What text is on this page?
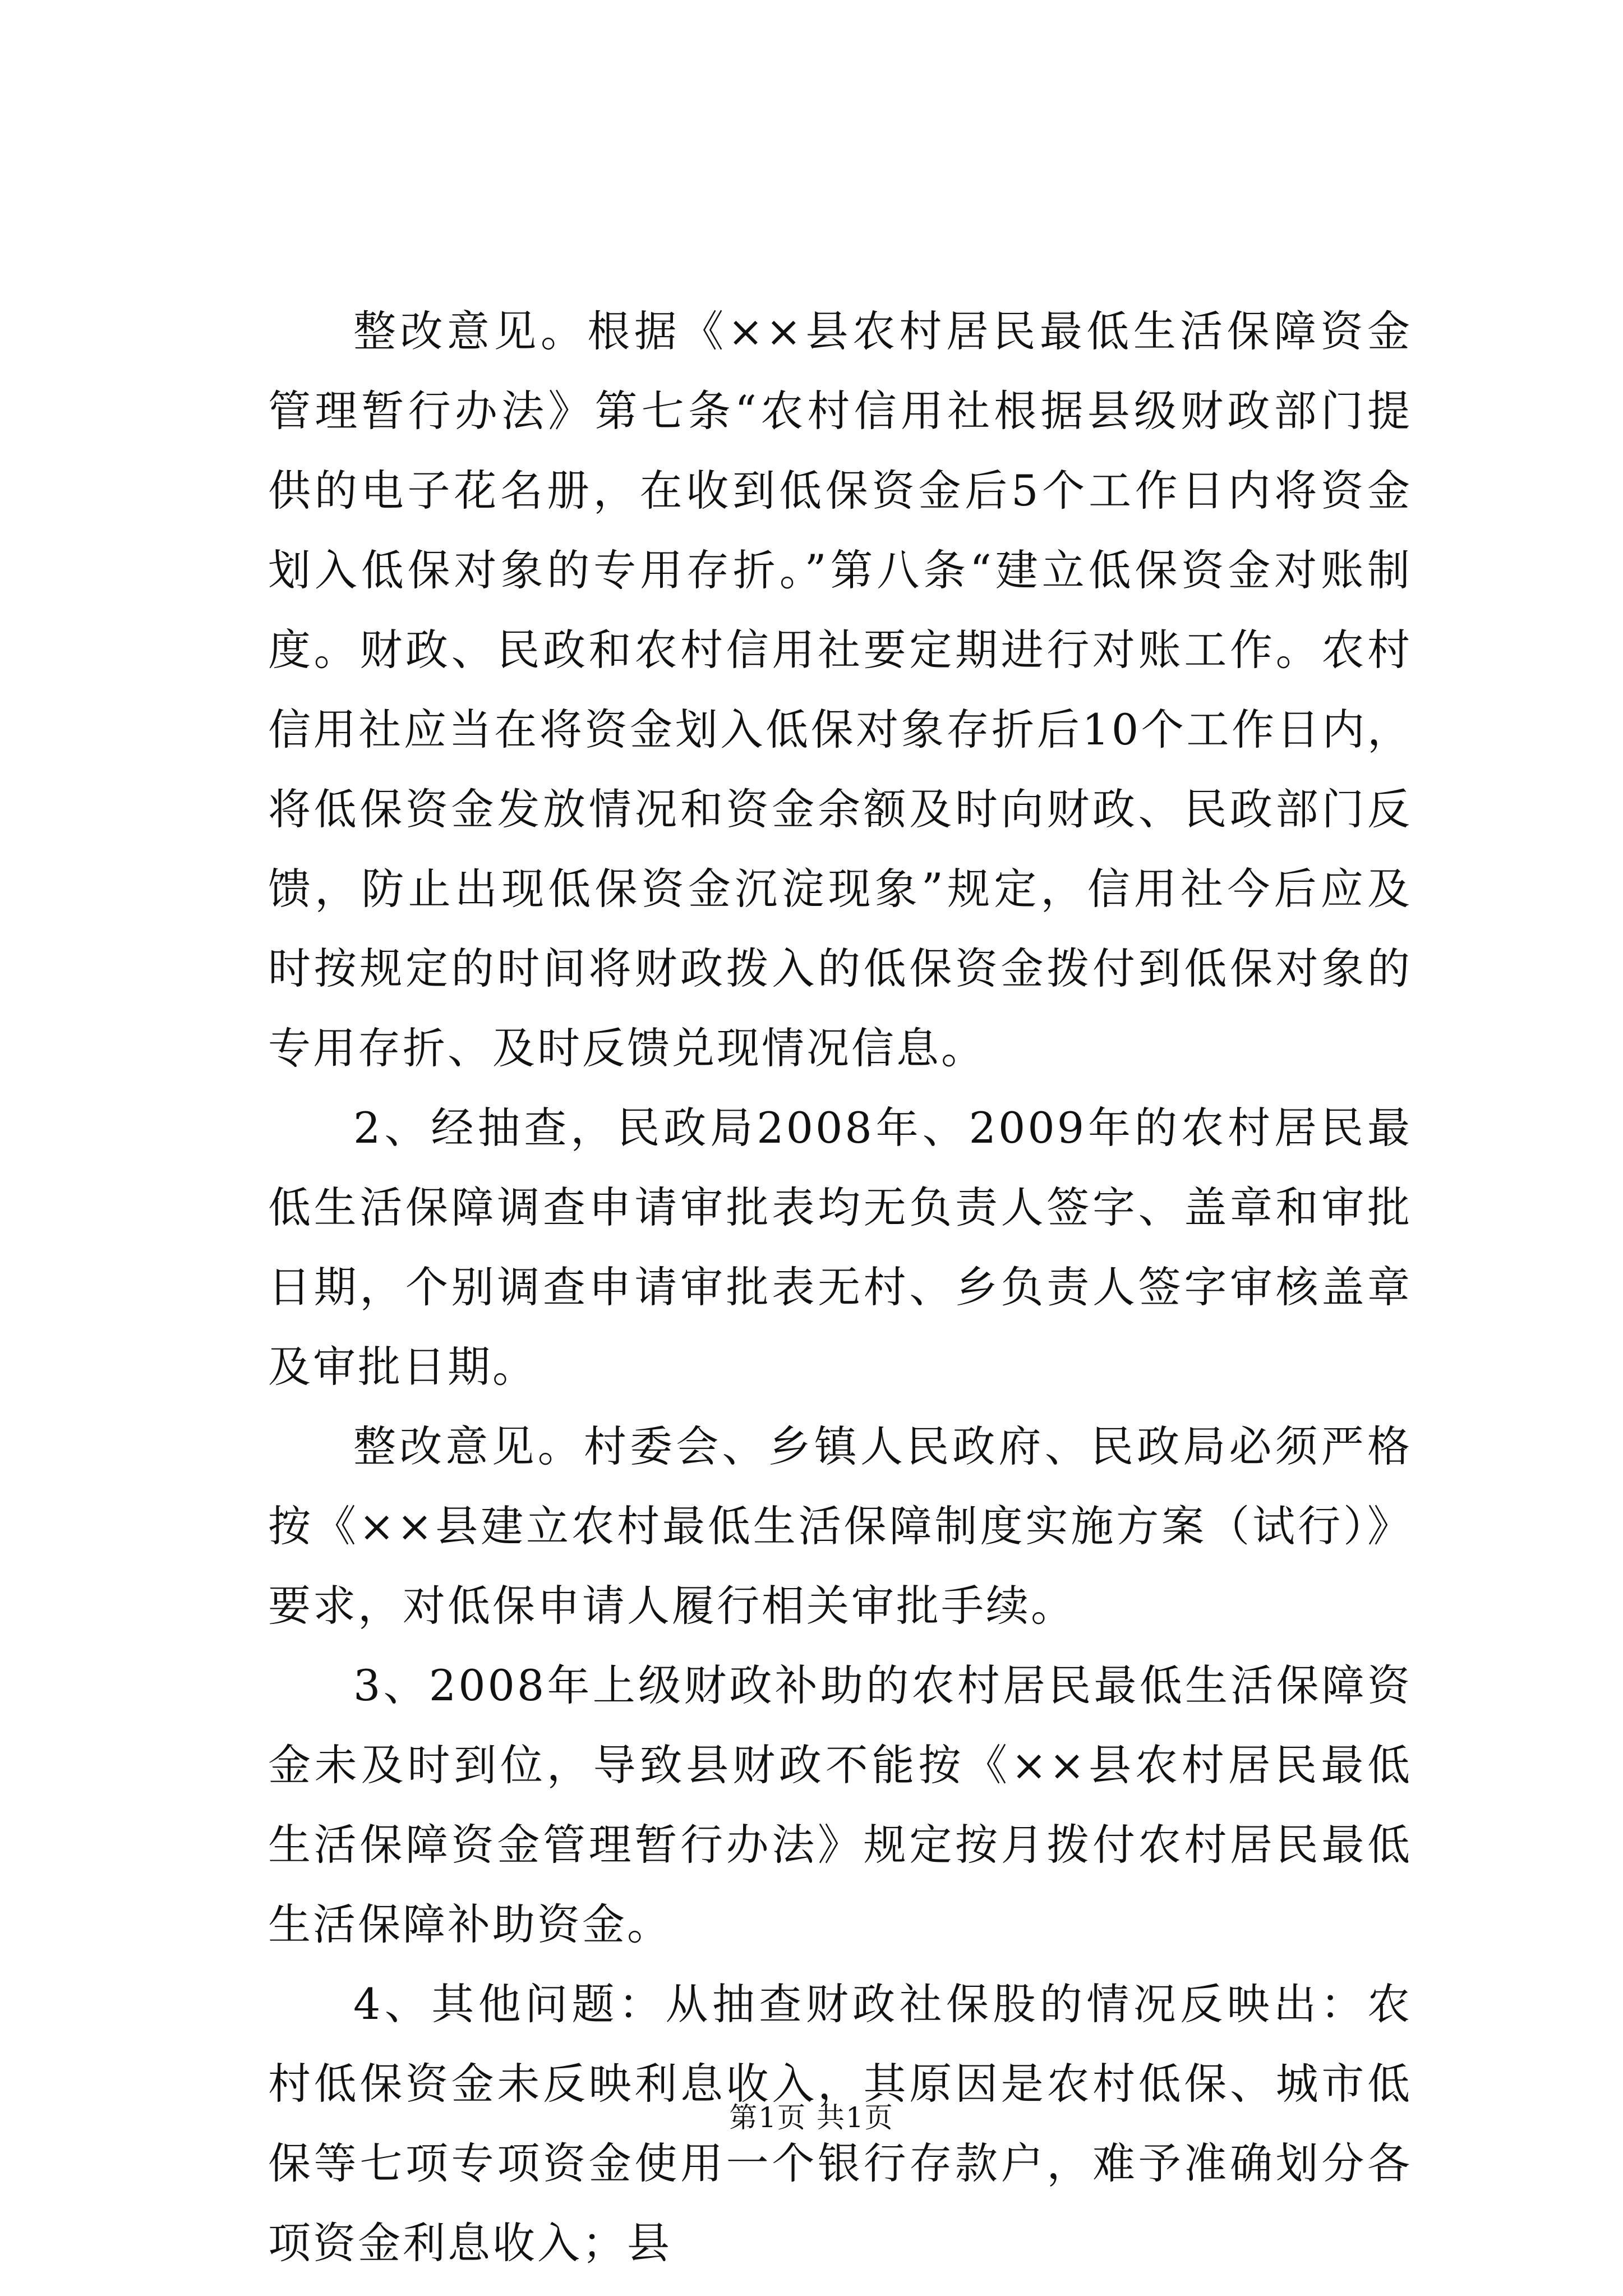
整改意见。根据《××县农村居民最低生活保障资金管理暂行办法》第七条“农村信用社根据县级财政部门提供的电子花名册，在收到低保资金后5个工作日内将资金划入低保对象的专用存折。”第八条“建立低保资金对账制度。财政、民政和农村信用社要定期进行对账工作。农村信用社应当在将资金划入低保对象存折后10个工作日内，将低保资金发放情况和资金余额及时向财政、民政部门反馈，防止出现低保资金沉淀现象”规定，信用社今后应及时按规定的时间将财政拨入的低保资金拨付到低保对象的专用存折、及时反馈兑现情况信息。

2、经抽查，民政局2008年、2009年的农村居民最低生活保障调查申请审批表均无负责人签字、盖章和审批日期，个别调查申请审批表无村、乡负责人签字审核盖章及审批日期。

整改意见。村委会、乡镇人民政府、民政局必须严格按《××县建立农村最低生活保障制度实施方案（试行）》要求，对低保申请人履行相关审批手续。

3、2008年上级财政补助的农村居民最低生活保障资金未及时到位，导致县财政不能按《××县农村居民最低生活保障资金管理暂行办法》规定按月拨付农村居民最低生活保障补助资金。

4、其他问题：从抽查财政社保股的情况反映出：农村低保资金未反映利息收入，其原因是农村低保、城市低保等七项专项资金使用一个银行存款户，难予准确划分各项资金利息收入；县

第1页 共1页
